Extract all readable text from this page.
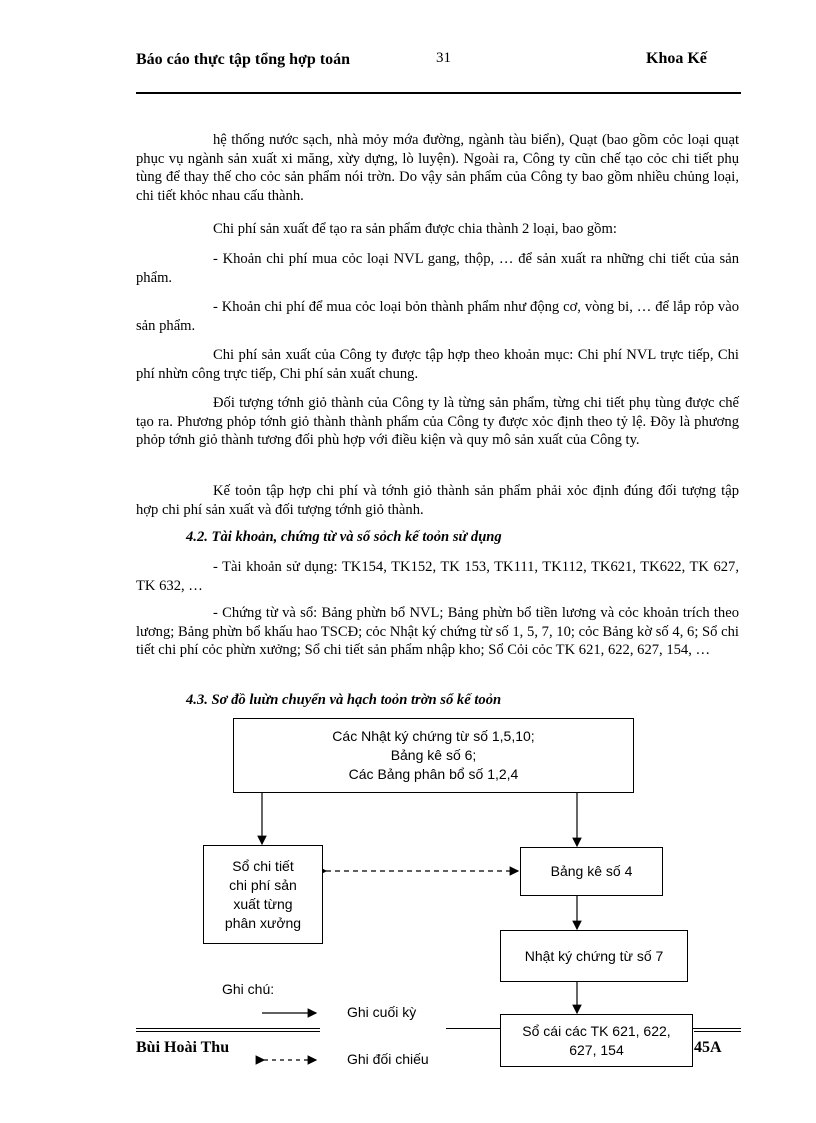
Báo cáo thực tập tổng hợp toán	31	Khoa Kế

hệ thống nước sạch, nhà mỏy mớa đường, ngành tàu biển), Quạt (bao gồm cỏc loại quạt phục vụ ngành sản xuất xi măng, xừy dựng, lò luyện). Ngoài ra, Công ty cũn chế tạo cỏc chi tiết phụ tùng để thay thế cho cỏc sản phẩm nói trờn. Do vậy sản phẩm của Công ty bao gồm nhiều chủng loại, chi tiết khỏc nhau cấu thành.

Chi phí sản xuất để tạo ra sản phẩm được chia thành 2 loại, bao gồm:

- Khoản chi phí mua cỏc loại NVL gang, thộp, … để sản xuất ra những chi tiết của sản phẩm.

- Khoản chi phí để mua cỏc loại bỏn thành phẩm như động cơ, vòng bi, … để lắp rỏp vào sản phẩm.

Chi phí sản xuất của Công ty được tập hợp theo khoản mục: Chi phí NVL trực tiếp, Chi phí nhừn công trực tiếp, Chi phí sản xuất chung.

Đối tượng tớnh giỏ thành của Công ty là từng sản phẩm, từng chi tiết phụ tùng được chế tạo ra. Phương phỏp tớnh giỏ thành thành phẩm của Công ty được xỏc định theo tỷ lệ. Đõy là phương phỏp tớnh giỏ thành tương đối phù hợp với điều kiện và quy mô sản xuất của Công ty.

Kế toỏn tập hợp chi phí và tớnh giỏ thành sản phẩm phải xỏc định đúng đối tượng tập hợp chi phí sản xuất và đối tượng tớnh giỏ thành.

4.2. Tài khoản, chứng từ và sổ sỏch kế toỏn sử dụng

- Tài khoản sử dụng: TK154, TK152, TK 153, TK111, TK112, TK621, TK622, TK 627, TK 632, …

- Chứng từ và sổ: Bảng phừn bổ NVL; Bảng phừn bổ tiền lương và cỏc khoản trích theo lương; Bảng phừn bổ khấu hao TSCĐ; cỏc Nhật ký chứng từ số 1, 5, 7, 10; cỏc Bảng kờ số 4, 6; Sổ chi tiết chi phí cỏc phừn xưởng; Sổ chi tiết sản phẩm nhập kho; Sổ Cỏi cỏc TK 621, 622, 627, 154, …

4.3. Sơ đồ luừn chuyển và hạch toỏn trờn sổ kế toỏn

Các Nhật ký chứng từ số 1,5,10;
Bảng kê số 6;
Các Bảng phân bổ số 1,2,4
Sổ chi tiết
chi phí sản
xuất từng
phân xưởng
Bảng kê số 4
Nhật ký chứng từ số 7
Sổ cái các TK 621, 622,
627, 154
Ghi chú:
Ghi cuối kỳ
Ghi đối chiếu
Bùi Hoài Thu	45A
